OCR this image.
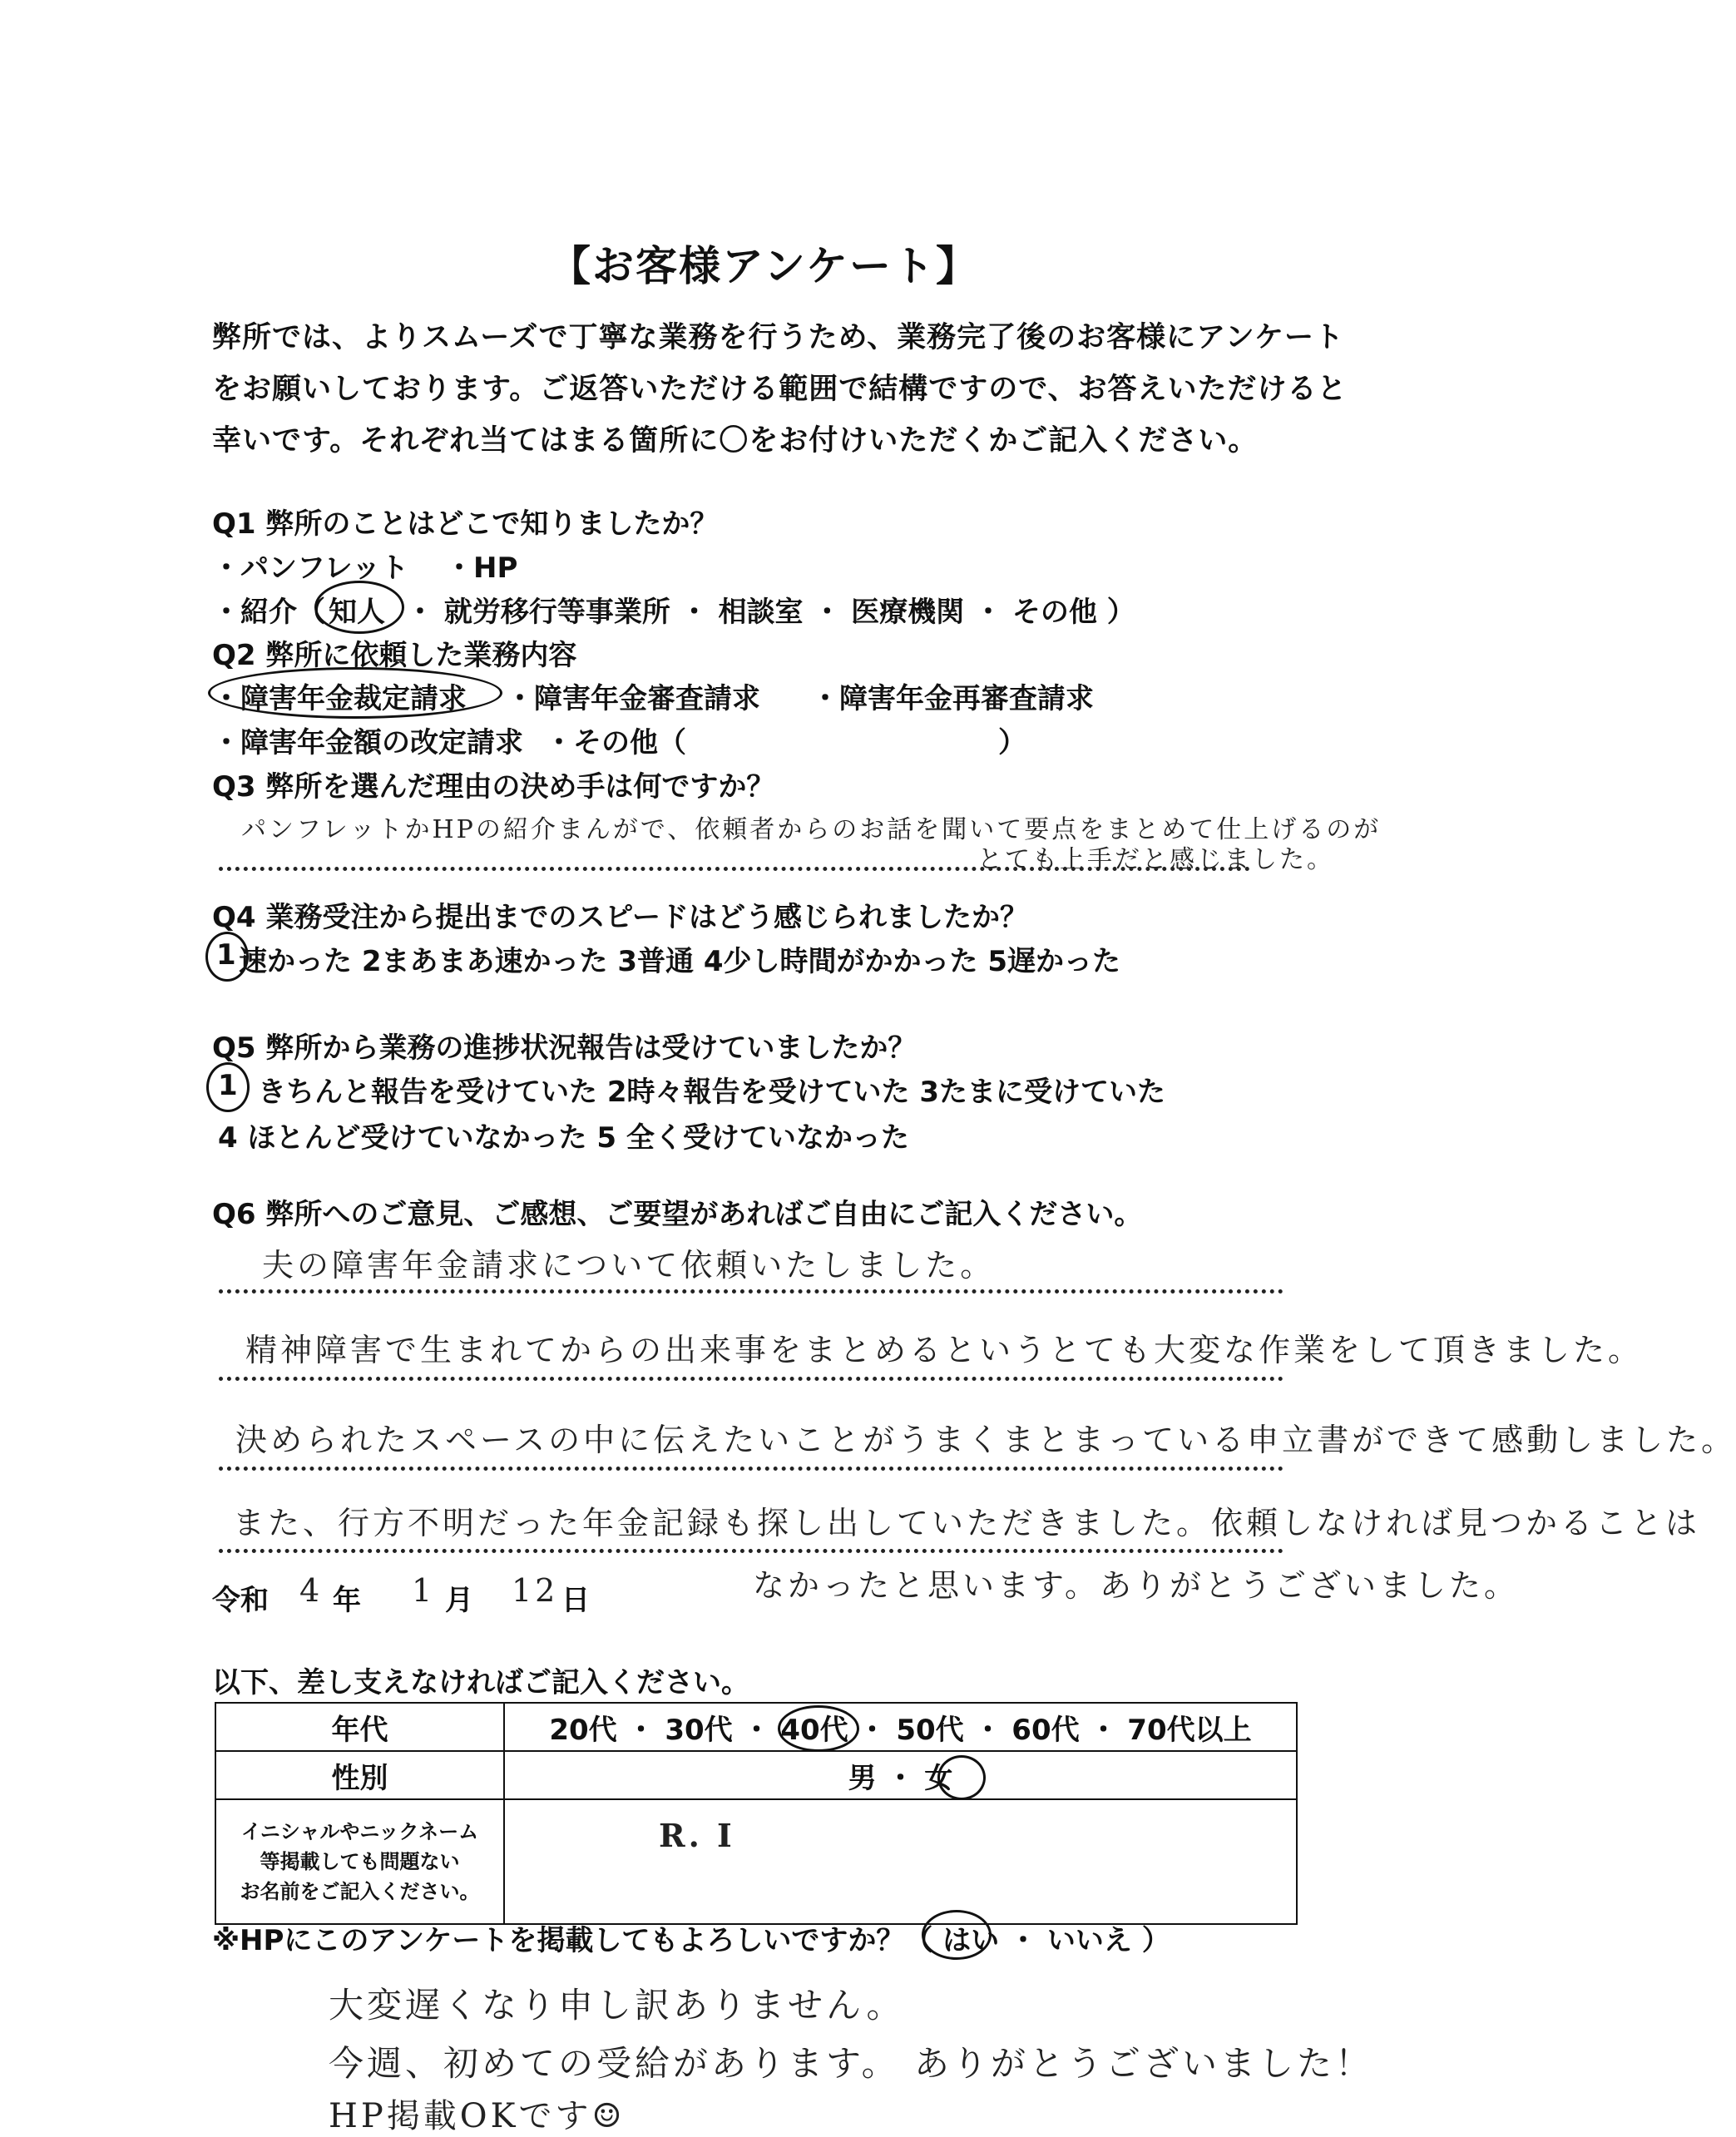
【お客様アンケート】
弊所では、よりスムーズで丁寧な業務を行うため、業務完了後のお客様にアンケート
をお願いしております。ご返答いただける範囲で結構ですので、お答えいただけると
幸いです。それぞれ当てはまる箇所に〇をお付けいただくかご記入ください。
Q1 弊所のことはどこで知りましたか？
・パンフレット ・HP
・紹介（ 知人 ・ 就労移行等事業所 ・ 相談室 ・ 医療機関 ・ その他 ）
Q2 弊所に依頼した業務内容
・障害年金裁定請求 ・障害年金審査請求 ・障害年金再審査請求
・障害年金額の改定請求 ・その他（	）
Q3 弊所を選んだ理由の決め手は何ですか？
パンフレットかHPの紹介まんがで、依頼者からのお話を聞いて要点をまとめて仕上げるのが
とても上手だと感じました。
Q4 業務受注から提出までのスピードはどう感じられましたか？
1 速かった 2まあまあ速かった 3普通 4少し時間がかかった 5遅かった
Q5 弊所から業務の進捗状況報告は受けていましたか？
1 きちんと報告を受けていた 2時々報告を受けていた 3たまに受けていた
4 ほとんど受けていなかった 5 全く受けていなかった
Q6 弊所へのご意見、ご感想、ご要望があればご自由にご記入ください。
夫の障害年金請求について依頼いたしました。
精神障害で生まれてからの出来事をまとめるというとても大変な作業をして頂きました。
決められたスペースの中に伝えたいことがうまくまとまっている申立書ができて感動しました。
また、行方不明だった年金記録も探し出していただきました。依頼しなければ見つかることは
なかったと思います。ありがとうございました。
令和 4 年 1 月 12 日
以下、差し支えなければご記入ください。
年代	20代 ・ 30代 ・ 40代 ・ 50代 ・ 60代 ・ 70代以上
性別	男 ・ 女

イニシャルやニックネーム
等掲載しても問題ない
お名前をご記入ください。	R. I
※HPにこのアンケートを掲載してもよろしいですか？（ はい ・ いいえ ）
大変遅くなり申し訳ありません。
今週、初めての受給があります。 ありがとうございました！
HP掲載OKです☺
